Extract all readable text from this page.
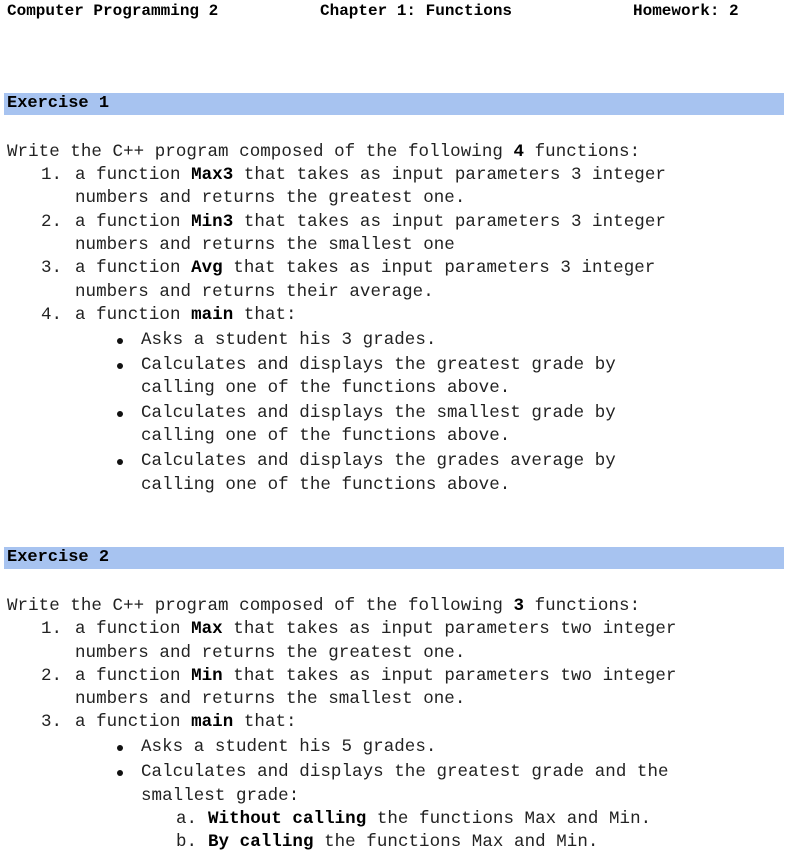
Computer Programming 2	Chapter 1: Functions	Homework: 2
Exercise 1
Write the C++ program composed of the following 4 functions:
1. a function Max3 that takes as input parameters 3 integer
numbers and returns the greatest one.
2. a function Min3 that takes as input parameters 3 integer
numbers and returns the smallest one
3. a function Avg that takes as input parameters 3 integer
numbers and returns their average.
4. a function main that:
Asks a student his 3 grades.
Calculates and displays the greatest grade by
calling one of the functions above.
Calculates and displays the smallest grade by
calling one of the functions above.
Calculates and displays the grades average by
calling one of the functions above.
Exercise 2
Write the C++ program composed of the following 3 functions:
1. a function Max that takes as input parameters two integer
numbers and returns the greatest one.
2. a function Min that takes as input parameters two integer
numbers and returns the smallest one.
3. a function main that:
Asks a student his 5 grades.
Calculates and displays the greatest grade and the
smallest grade:
a. Without calling the functions Max and Min.
b. By calling the functions Max and Min.
